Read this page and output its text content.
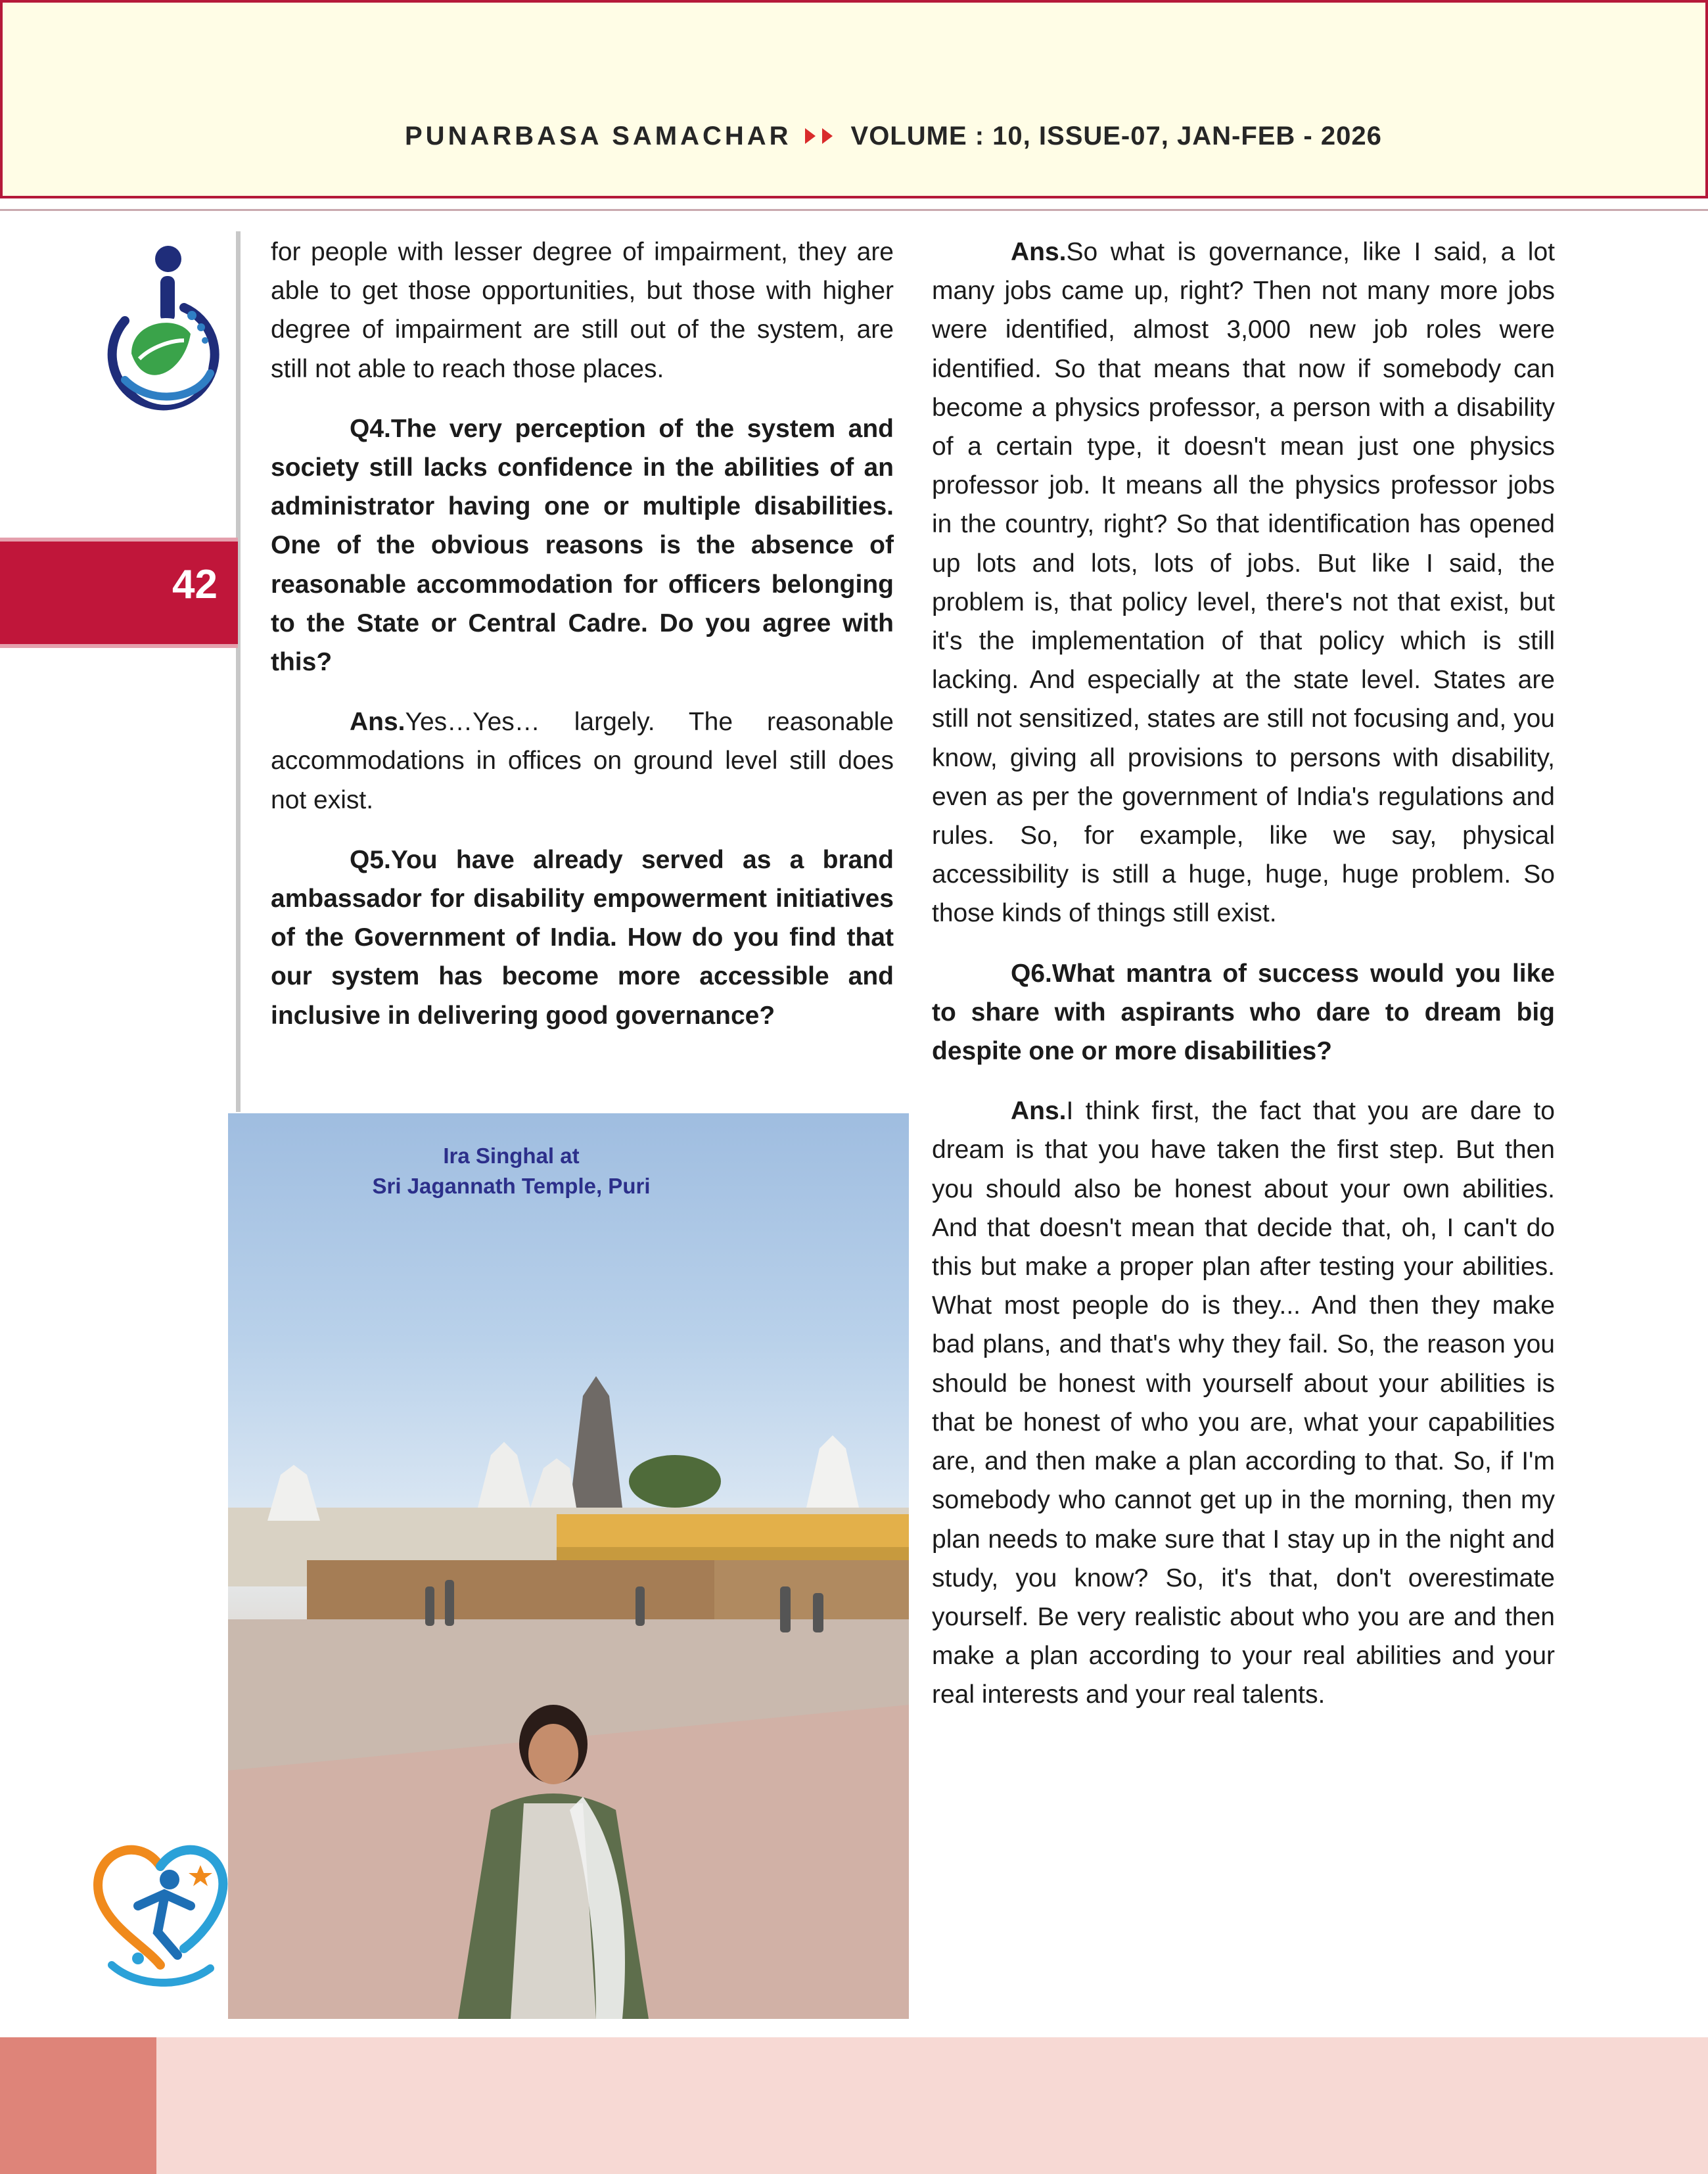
PUNARBASA SAMACHAR VOLUME : 10, ISSUE-07, JAN-FEB - 2026
42

for people with lesser degree of impairment, they are able to get those opportunities, but those with higher degree of impairment are still out of the system, are still not able to reach those places.

Q4.The very perception of the system and society still lacks confidence in the abilities of an administrator having one or multiple disabilities. One of the obvious reasons is the absence of reasonable accommodation for officers belonging to the State or Central Cadre. Do you agree with this?

Ans.Yes…Yes… largely. The reasonable accommodations in offices on ground level still does not exist.

Q5.You have already served as a brand ambassador for disability empowerment initiatives of the Government of India. How do you find that our system has become more accessible and inclusive in delivering good governance?

Ans.So what is governance, like I said, a lot many jobs came up, right? Then not many more jobs were identified, almost 3,000 new job roles were identified. So that means that now if somebody can become a physics professor, a person with a disability of a certain type, it doesn't mean just one physics professor job. It means all the physics professor jobs in the country, right? So that identification has opened up lots and lots, lots of jobs. But like I said, the problem is, that policy level, there's not that exist, but it's the implementation of that policy which is still lacking. And especially at the state level. States are still not sensitized, states are still not focusing and, you know, giving all provisions to persons with disability, even as per the government of India's regulations and rules. So, for example, like we say, physical accessibility is still a huge, huge, huge problem. So those kinds of things still exist.

Q6.What mantra of success would you like to share with aspirants who dare to dream big despite one or more disabilities?

Ans.I think first, the fact that you are dare to dream is that you have taken the first step. But then you should also be honest about your own abilities. And that doesn't mean that decide that, oh, I can't do this but make a proper plan after testing your abilities. What most people do is they... And then they make bad plans, and that's why they fail. So, the reason you should be honest with yourself about your abilities is that be honest of who you are, what your capabilities are, and then make a plan according to that. So, if I'm somebody who cannot get up in the morning, then my plan needs to make sure that I stay up in the night and study, you know? So, it's that, don't overestimate yourself. Be very realistic about who you are and then make a plan according to your real abilities and your real interests and your real talents.

Ira Singhal at
Sri Jagannath Temple, Puri
